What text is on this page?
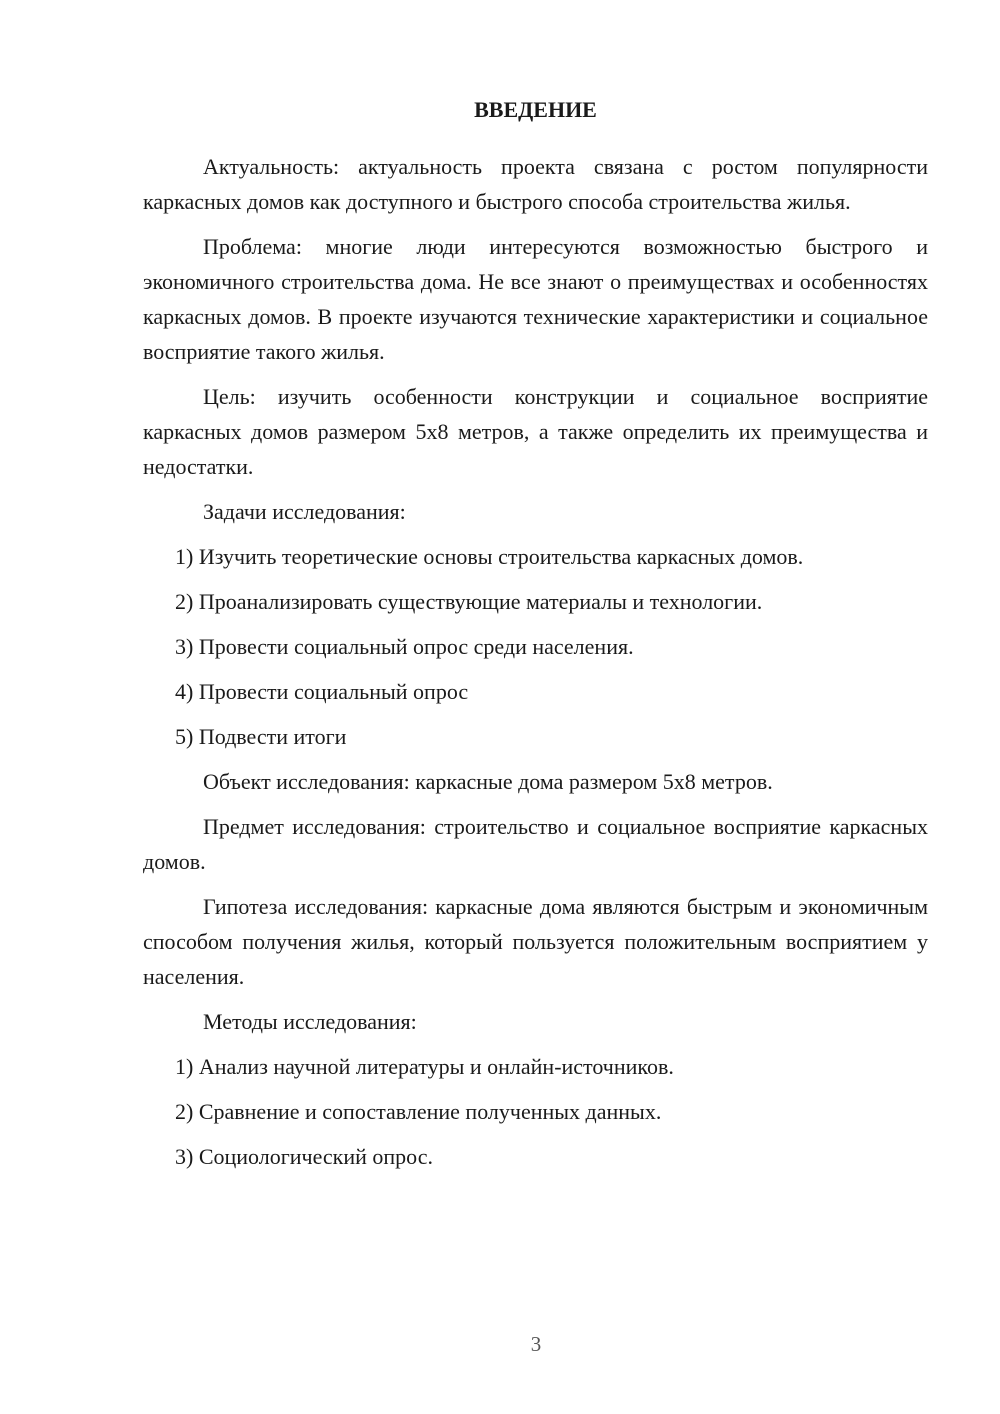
ВВЕДЕНИЕ

Актуальность: актуальность проекта связана с ростом популярности каркасных домов как доступного и быстрого способа строительства жилья.

Проблема: многие люди интересуются возможностью быстрого и экономичного строительства дома. Не все знают о преимуществах и особенностях каркасных домов. В проекте изучаются технические характеристики и социальное восприятие такого жилья.

Цель: изучить особенности конструкции и социальное восприятие каркасных домов размером 5х8 метров, а также определить их преимущества и недостатки.

Задачи исследования:

1) Изучить теоретические основы строительства каркасных домов.
2) Проанализировать существующие материалы и технологии.
3) Провести социальный опрос среди населения.
4) Провести социальный опрос
5) Подвести итоги

Объект исследования: каркасные дома размером 5х8 метров.

Предмет исследования: строительство и социальное восприятие каркасных домов.

Гипотеза исследования: каркасные дома являются быстрым и экономичным способом получения жилья, который пользуется положительным восприятием у населения.

Методы исследования:

1) Анализ научной литературы и онлайн-источников.
2) Сравнение и сопоставление полученных данных.
3) Социологический опрос.
3
